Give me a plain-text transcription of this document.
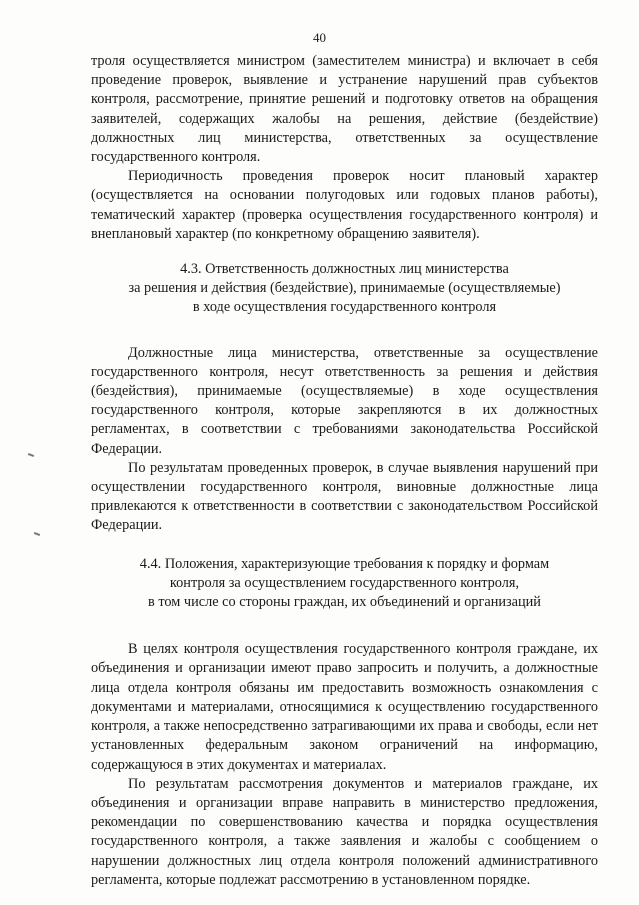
40

троля осуществляется министром (заместителем министра) и включает в себя проведение проверок, выявление и устранение нарушений прав субъектов контроля, рассмотрение, принятие решений и подготовку ответов на обращения заявителей, содержащих жалобы на решения, действие (бездействие) должностных лиц министерства, ответственных за осуществление государственного контроля.

Периодичность проведения проверок носит плановый характер (осуществляется на основании полугодовых или годовых планов работы), тематический характер (проверка осуществления государственного контроля) и внеплановый характер (по конкретному обращению заявителя).

4.3. Ответственность должностных лиц министерства
за решения и действия (бездействие), принимаемые (осуществляемые)
в ходе осуществления государственного контроля

Должностные лица министерства, ответственные за осуществление государственного контроля, несут ответственность за решения и действия (бездействия), принимаемые (осуществляемые) в ходе осуществления государственного контроля, которые закрепляются в их должностных регламентах, в соответствии с требованиями законодательства Российской Федерации.

По результатам проведенных проверок, в случае выявления нарушений при осуществлении государственного контроля, виновные должностные лица привлекаются к ответственности в соответствии с законодательством Российской Федерации.

4.4. Положения, характеризующие требования к порядку и формам
контроля за осуществлением государственного контроля,
в том числе со стороны граждан, их объединений и организаций

В целях контроля осуществления государственного контроля граждане, их объединения и организации имеют право запросить и получить, а должностные лица отдела контроля обязаны им предоставить возможность ознакомления с документами и материалами, относящимися к осуществлению государственного контроля, а также непосредственно затрагивающими их права и свободы, если нет установленных федеральным законом ограничений на информацию, содержащуюся в этих документах и материалах.

По результатам рассмотрения документов и материалов граждане, их объединения и организации вправе направить в министерство предложения, рекомендации по совершенствованию качества и порядка осуществления государственного контроля, а также заявления и жалобы с сообщением о нарушении должностных лиц отдела контроля положений административного регламента, которые подлежат рассмотрению в установленном порядке.
